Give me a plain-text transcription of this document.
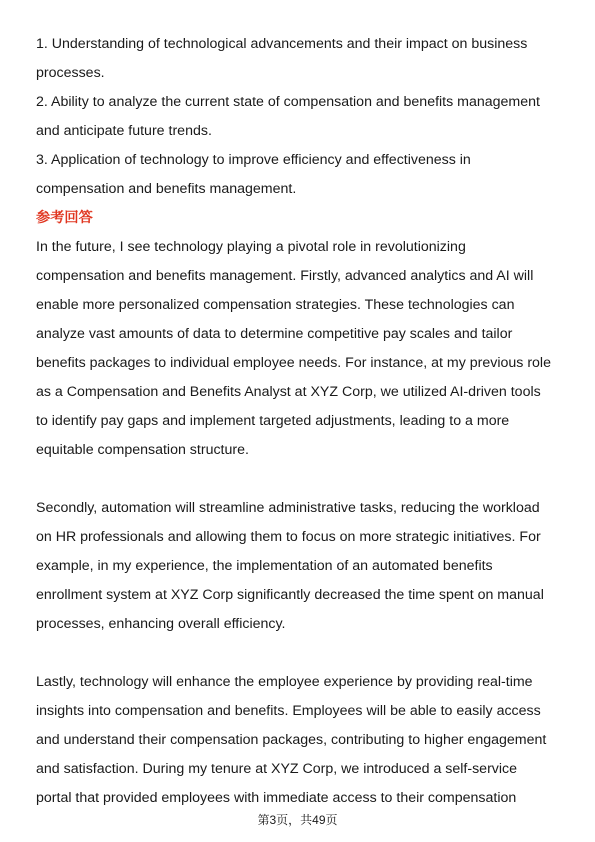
1. Understanding of technological advancements and their impact on business

processes.

2. Ability to analyze the current state of compensation and benefits management

and anticipate future trends.

3. Application of technology to improve efficiency and effectiveness in

compensation and benefits management.

参考回答

In the future, I see technology playing a pivotal role in revolutionizing

compensation and benefits management. Firstly, advanced analytics and AI will

enable more personalized compensation strategies. These technologies can

analyze vast amounts of data to determine competitive pay scales and tailor

benefits packages to individual employee needs. For instance, at my previous role

as a Compensation and Benefits Analyst at XYZ Corp, we utilized AI-driven tools

to identify pay gaps and implement targeted adjustments, leading to a more

equitable compensation structure.

Secondly, automation will streamline administrative tasks, reducing the workload

on HR professionals and allowing them to focus on more strategic initiatives. For

example, in my experience, the implementation of an automated benefits

enrollment system at XYZ Corp significantly decreased the time spent on manual

processes, enhancing overall efficiency.

Lastly, technology will enhance the employee experience by providing real-time

insights into compensation and benefits. Employees will be able to easily access

and understand their compensation packages, contributing to higher engagement

and satisfaction. During my tenure at XYZ Corp, we introduced a self-service

portal that provided employees with immediate access to their compensation

第3页，共49页
